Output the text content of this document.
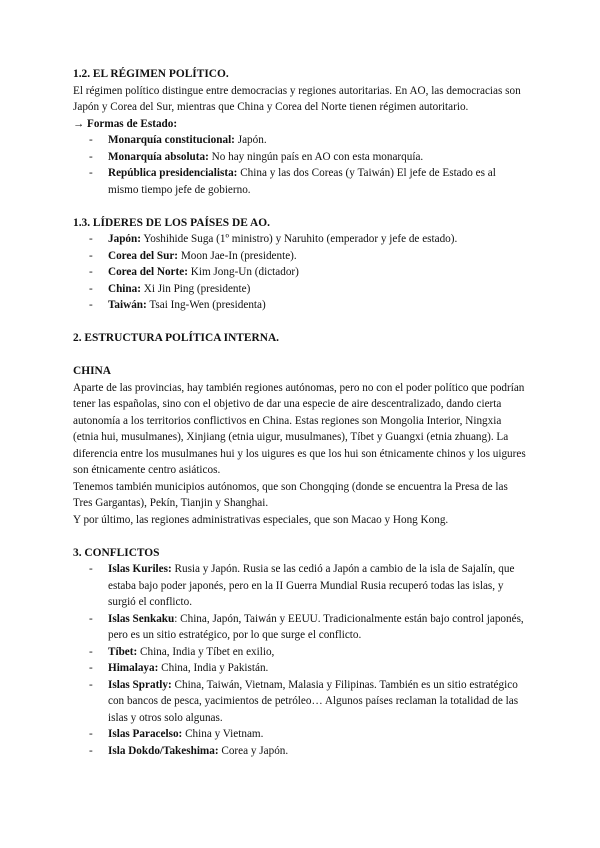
1.2. EL RÉGIMEN POLÍTICO.

El régimen político distingue entre democracias y regiones autoritarias. En AO, las democracias son Japón y Corea del Sur, mientras que China y Corea del Norte tienen régimen autoritario.

→ Formas de Estado:

- Monarquía constitucional: Japón.
- Monarquía absoluta: No hay ningún país en AO con esta monarquía.
- República presidencialista: China y las dos Coreas (y Taiwán) El jefe de Estado es al mismo tiempo jefe de gobierno.
1.3. LÍDERES DE LOS PAÍSES DE AO.
- Japón: Yoshihide Suga (1º ministro) y Naruhito (emperador y jefe de estado).
- Corea del Sur: Moon Jae-In (presidente).
- Corea del Norte: Kim Jong-Un (dictador)
- China: Xi Jin Ping (presidente)
- Taiwán: Tsai Ing-Wen (presidenta)
2. ESTRUCTURA POLÍTICA INTERNA.
CHINA

Aparte de las provincias, hay también regiones autónomas, pero no con el poder político que podrían tener las españolas, sino con el objetivo de dar una especie de aire descentralizado, dando cierta autonomía a los territorios conflictivos en China. Estas regiones son Mongolia Interior, Ningxia (etnia hui, musulmanes), Xinjiang (etnia uigur, musulmanes), Tíbet y Guangxi (etnia zhuang). La diferencia entre los musulmanes hui y los uigures es que los hui son étnicamente chinos y los uigures son étnicamente centro asiáticos.

Tenemos también municipios autónomos, que son Chongqing (donde se encuentra la Presa de las Tres Gargantas), Pekín, Tianjin y Shanghai.

Y por último, las regiones administrativas especiales, que son Macao y Hong Kong.

3. CONFLICTOS
- Islas Kuriles: Rusia y Japón. Rusia se las cedió a Japón a cambio de la isla de Sajalín, que estaba bajo poder japonés, pero en la II Guerra Mundial Rusia recuperó todas las islas, y surgió el conflicto.
- Islas Senkaku: China, Japón, Taiwán y EEUU. Tradicionalmente están bajo control japonés, pero es un sitio estratégico, por lo que surge el conflicto.
- Tíbet: China, India y Tíbet en exilio,
- Himalaya: China, India y Pakistán.
- Islas Spratly: China, Taiwán, Vietnam, Malasia y Filipinas. También es un sitio estratégico con bancos de pesca, yacimientos de petróleo… Algunos países reclaman la totalidad de las islas y otros solo algunas.
- Islas Paracelso: China y Vietnam.
- Isla Dokdo/Takeshima: Corea y Japón.
